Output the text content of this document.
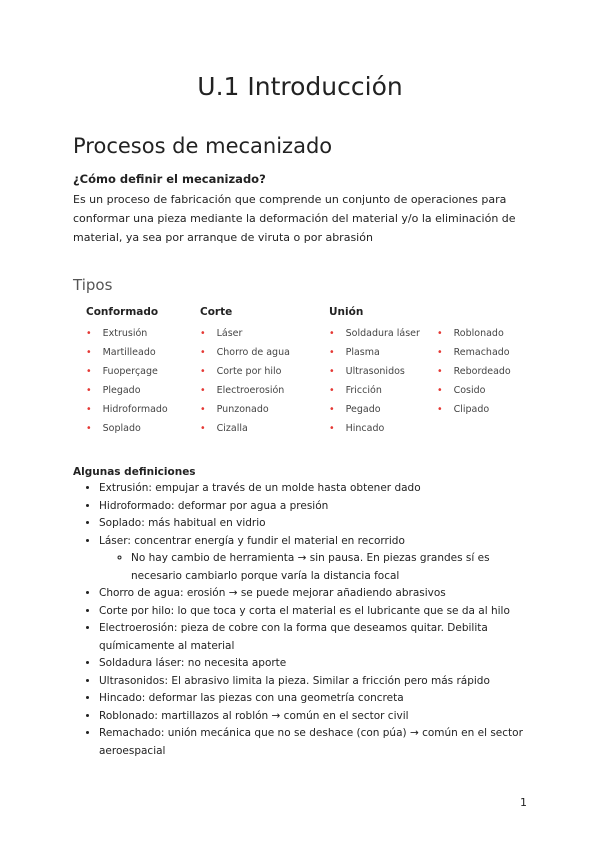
U.1 Introducción
Procesos de mecanizado
¿Cómo definir el mecanizado?
Es un proceso de fabricación que comprende un conjunto de operaciones para conformar una pieza mediante la deformación del material y/o la eliminación de material, ya sea por arranque de viruta o por abrasión
Tipos
Conformado
• Extrusión
• Martilleado
• Fuoperçage
• Plegado
• Hidroformado
• Soplado
Corte
• Láser
• Chorro de agua
• Corte por hilo
• Electroerosión
• Punzonado
• Cizalla
Unión
• Soldadura láser
• Plasma
• Ultrasonidos
• Fricción
• Pegado
• Hincado
• Roblonado
• Remachado
• Rebordeado
• Cosido
• Clipado
Algunas definiciones
• Extrusión: empujar a través de un molde hasta obtener dado
• Hidroformado: deformar por agua a presión
• Soplado: más habitual en vidrio
• Láser: concentrar energía y fundir el material en recorrido
◦ No hay cambio de herramienta → sin pausa. En piezas grandes sí es necesario cambiarlo porque varía la distancia focal
• Chorro de agua: erosión → se puede mejorar añadiendo abrasivos
• Corte por hilo: lo que toca y corta el material es el lubricante que se da al hilo
• Electroerosión: pieza de cobre con la forma que deseamos quitar. Debilita químicamente al material
• Soldadura láser: no necesita aporte
• Ultrasonidos: El abrasivo limita la pieza. Similar a fricción pero más rápido
• Hincado: deformar las piezas con una geometría concreta
• Roblonado: martillazos al roblón → común en el sector civil
• Remachado: unión mecánica que no se deshace (con púa) → común en el sector aeroespacial
1
